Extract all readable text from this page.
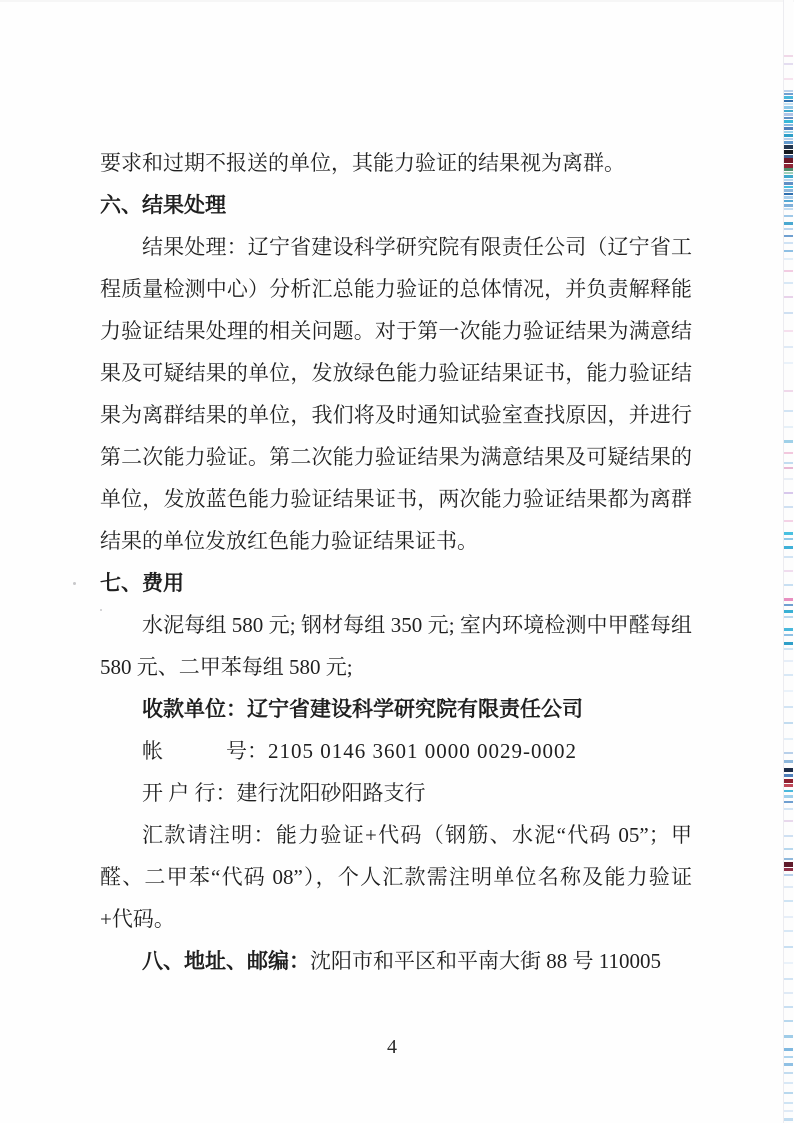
要求和过期不报送的单位，其能力验证的结果视为离群。

六、结果处理

结果处理：辽宁省建设科学研究院有限责任公司（辽宁省工程质量检测中心）分析汇总能力验证的总体情况，并负责解释能力验证结果处理的相关问题。对于第一次能力验证结果为满意结果及可疑结果的单位，发放绿色能力验证结果证书，能力验证结果为离群结果的单位，我们将及时通知试验室查找原因，并进行第二次能力验证。第二次能力验证结果为满意结果及可疑结果的单位，发放蓝色能力验证结果证书，两次能力验证结果都为离群结果的单位发放红色能力验证结果证书。

七、费用

水泥每组 580 元; 钢材每组 350 元; 室内环境检测中甲醛每组 580 元、二甲苯每组 580 元;

收款单位：辽宁省建设科学研究院有限责任公司

帐　　　号：2105 0146 3601 0000 0029-0002

开 户 行：建行沈阳砂阳路支行

汇款请注明：能力验证+代码（钢筋、水泥“代码 05”；甲醛、二甲苯“代码 08”），个人汇款需注明单位名称及能力验证+代码。

八、地址、邮编：沈阳市和平区和平南大街 88 号 110005

4
